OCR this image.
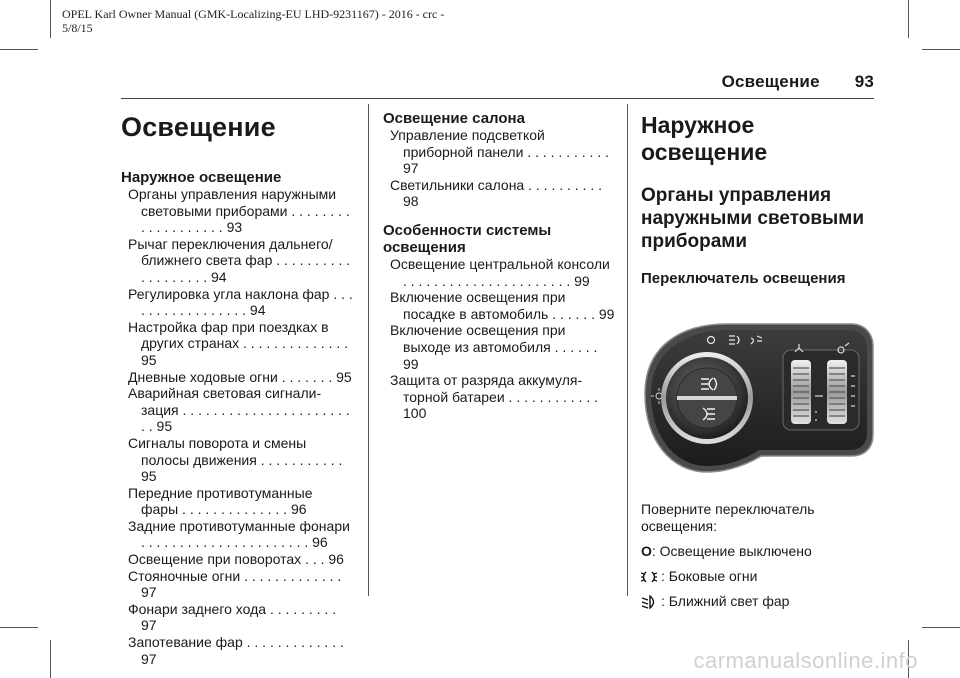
OPEL Karl Owner Manual (GMK-Localizing-EU LHD-9231167) - 2016 - crc -
5/8/15
Освещение 93
Освещение
Наружное освещение
Органы управления наружными световыми приборами . . . . . . . . . . . . . . . . . . . 93
Рычаг переключения дальнего/ближнего света фар . . . . . . . . . . . . . . . . . . . 94
Регулировка угла наклона фар . . . . . . . . . . . . . . . . . 94
Настройка фар при поездках в других странах . . . . . . . . . . . . . . 95
Дневные ходовые огни . . . . . . . 95
Аварийная световая сигнализация . . . . . . . . . . . . . . . . . . . . . . . . 95
Сигналы поворота и смены полосы движения . . . . . . . . . . . 95
Передние противотуманные фары . . . . . . . . . . . . . . 96
Задние противотуманные фонари . . . . . . . . . . . . . . . . . . . . . . 96
Освещение при поворотах . . . 96
Стояночные огни . . . . . . . . . . . . . 97
Фонари заднего хода . . . . . . . . . 97
Запотевание фар . . . . . . . . . . . . . 97
Освещение салона
Управление подсветкой приборной панели . . . . . . . . . . . 97
Светильники салона . . . . . . . . . . 98
Особенности системы освещения
Освещение центральной консоли . . . . . . . . . . . . . . . . . . . . . . 99
Включение освещения при посадке в автомобиль . . . . . . 99
Включение освещения при выходе из автомобиля . . . . . . 99
Защита от разряда аккумуляторной батареи . . . . . . . . . . . . 100
Наружное освещение
Органы управления наружными световыми приборами
Переключатель освещения
Поверните переключатель освещения:
O : Освещение выключено
: Боковые огни
: Ближний свет фар
carmanualsonline.info
